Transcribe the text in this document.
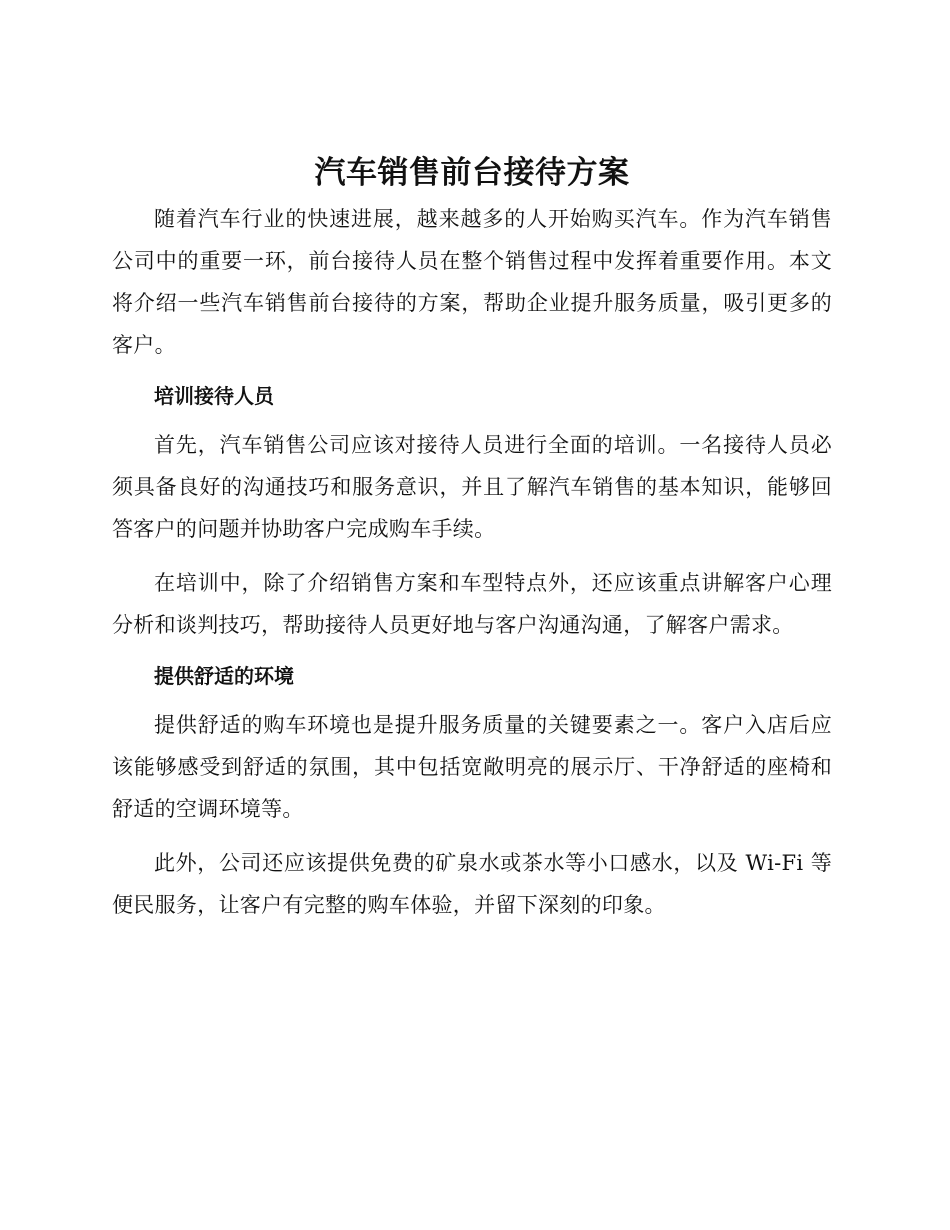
汽车销售前台接待方案

随着汽车行业的快速进展，越来越多的人开始购买汽车。作为汽车销售公司中的重要一环，前台接待人员在整个销售过程中发挥着重要作用。本文将介绍一些汽车销售前台接待的方案，帮助企业提升服务质量，吸引更多的客户。

培训接待人员

首先，汽车销售公司应该对接待人员进行全面的培训。一名接待人员必须具备良好的沟通技巧和服务意识，并且了解汽车销售的基本知识，能够回答客户的问题并协助客户完成购车手续。

在培训中，除了介绍销售方案和车型特点外，还应该重点讲解客户心理分析和谈判技巧，帮助接待人员更好地与客户沟通沟通，了解客户需求。

提供舒适的环境

提供舒适的购车环境也是提升服务质量的关键要素之一。客户入店后应该能够感受到舒适的氛围，其中包括宽敞明亮的展示厅、干净舒适的座椅和舒适的空调环境等。

此外，公司还应该提供免费的矿泉水或茶水等小口感水，以及 Wi-Fi 等便民服务，让客户有完整的购车体验，并留下深刻的印象。
